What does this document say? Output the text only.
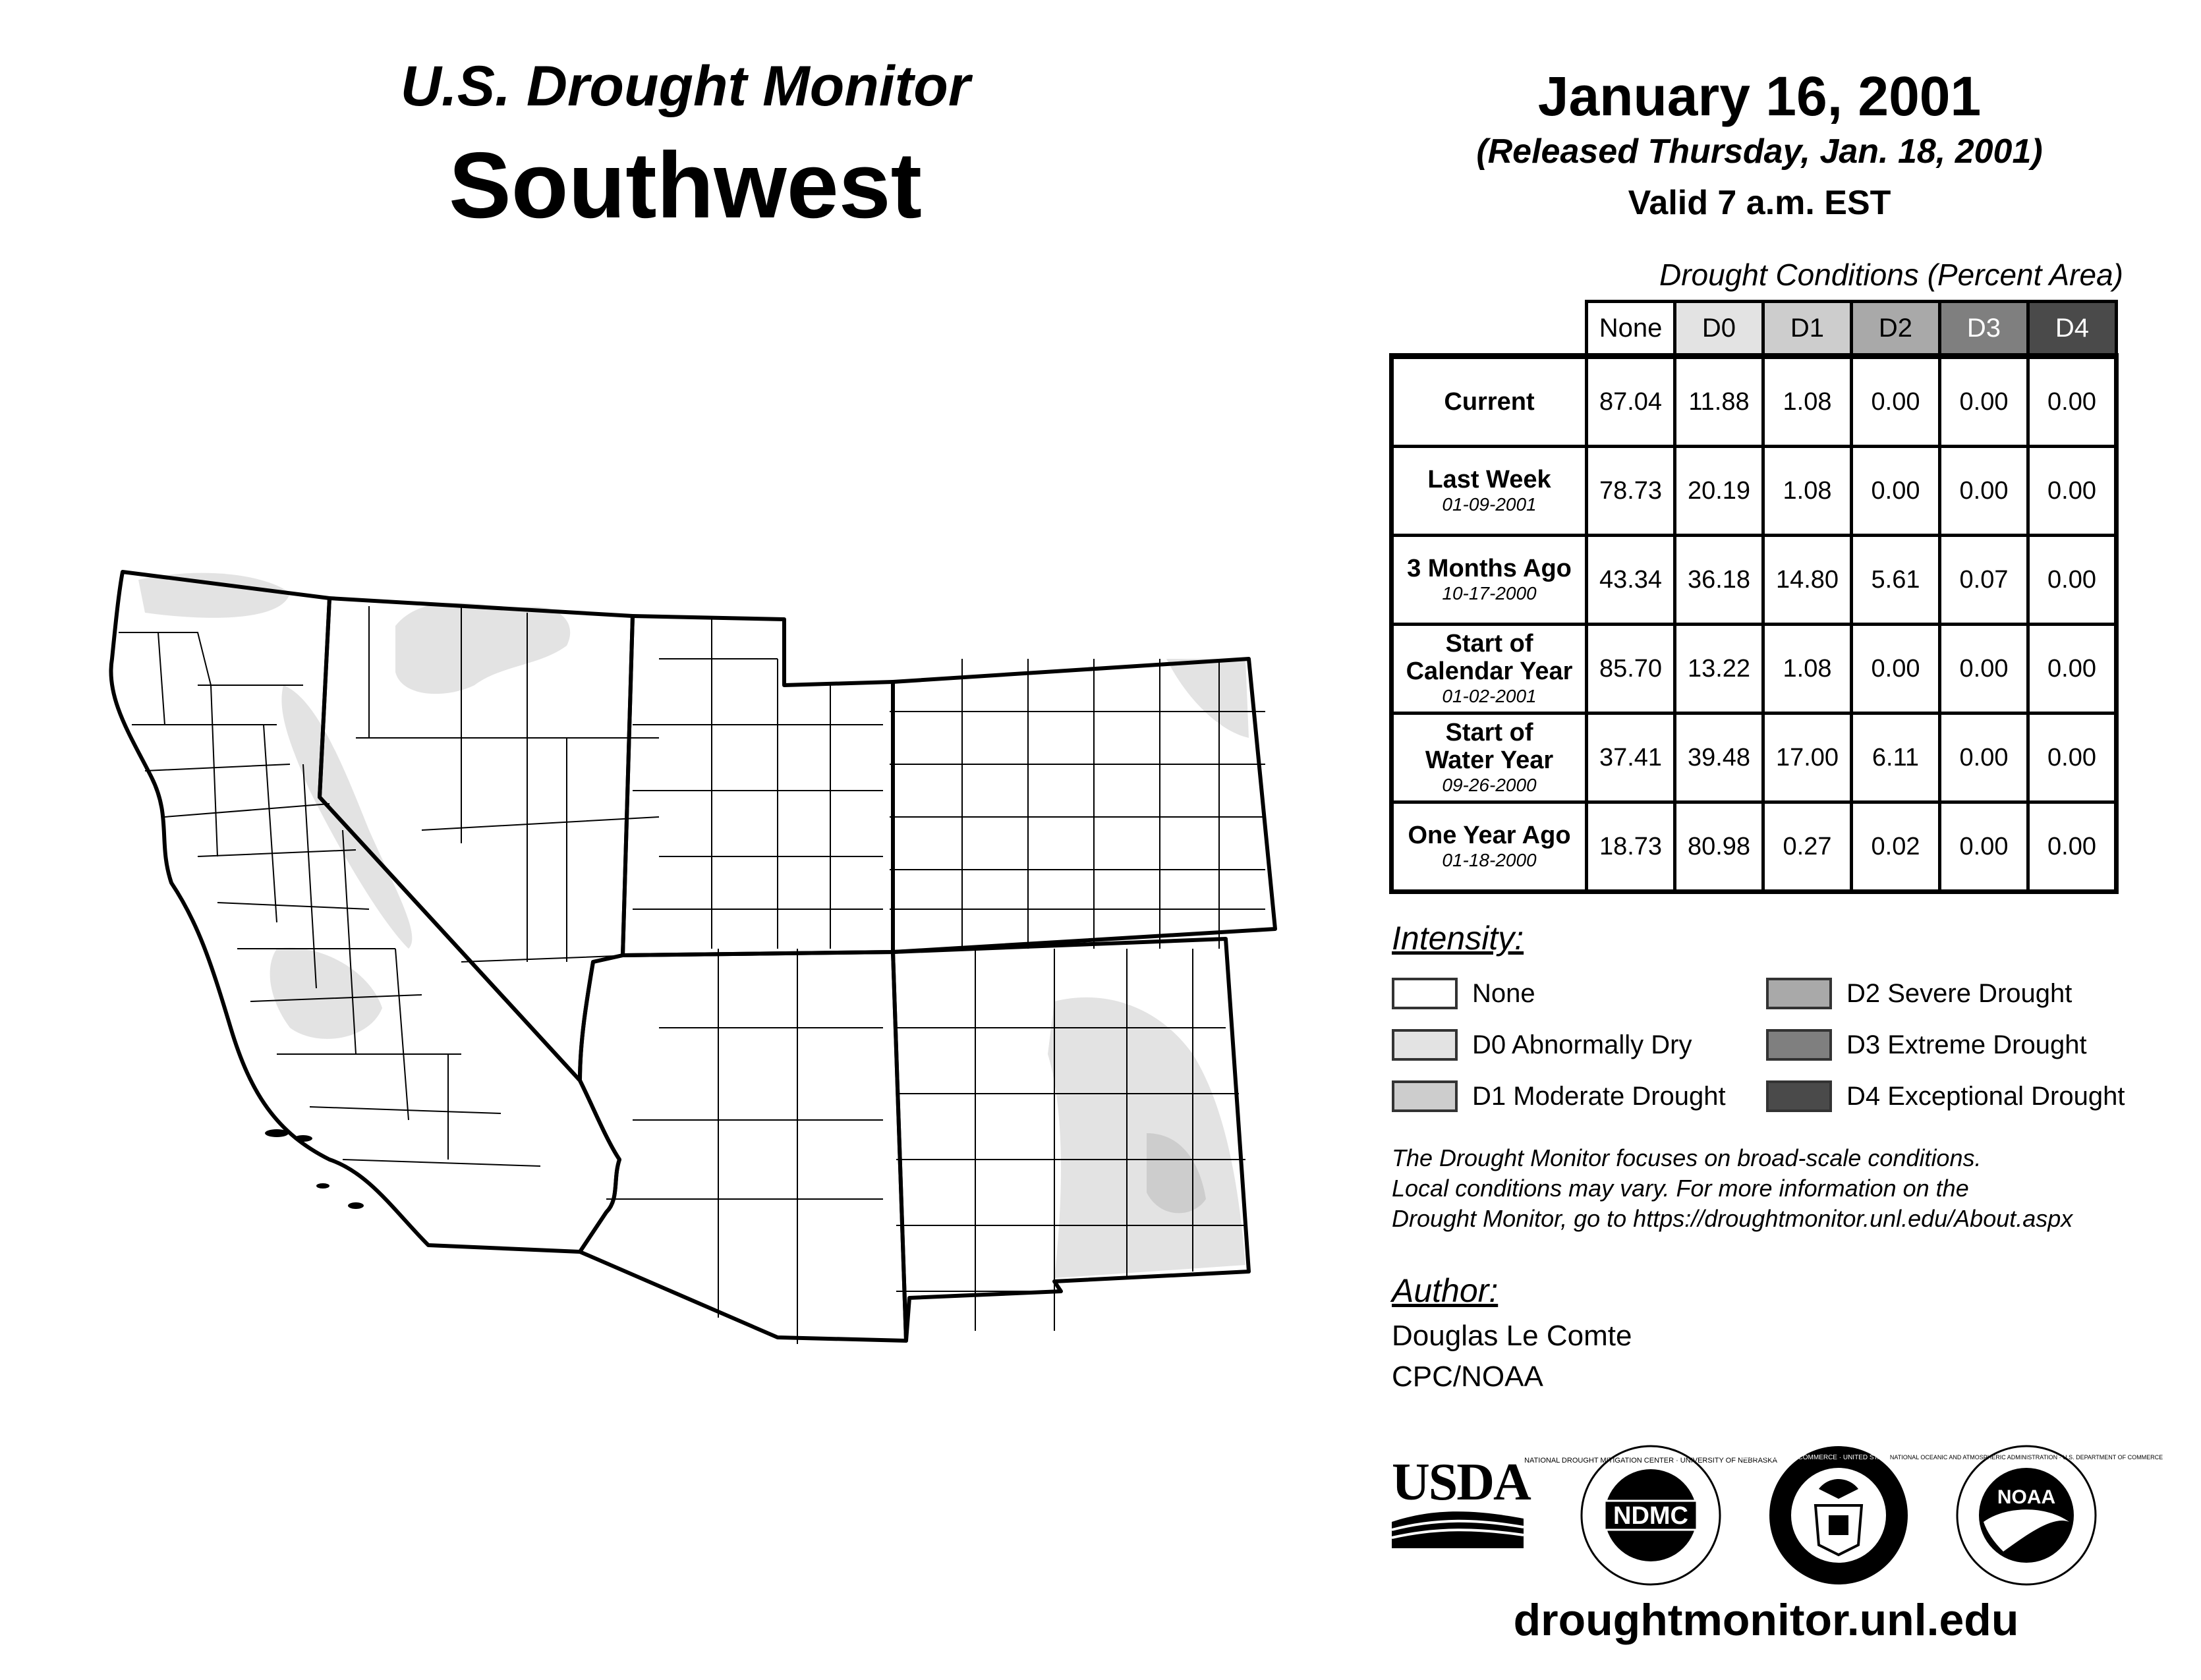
U.S. Drought Monitor
Southwest
January 16, 2001
(Released Thursday, Jan. 18, 2001)
Valid 7 a.m. EST
Drought Conditions (Percent Area)
	None	D0	D1	D2	D3	D4

Current	87.04	11.88	1.08	0.00	0.00	0.00

Last Week
01-09-2001	78.73	20.19	1.08	0.00	0.00	0.00

3 Months Ago
10-17-2000	43.34	36.18	14.80	5.61	0.07	0.00

Start of
Calendar Year
01-02-2001	85.70	13.22	1.08	0.00	0.00	0.00

Start of
Water Year
09-26-2000	37.41	39.48	17.00	6.11	0.00	0.00

One Year Ago
01-18-2000	18.73	80.98	0.27	0.02	0.00	0.00
Intensity:
None
D0 Abnormally Dry
D1 Moderate Drought
D2 Severe Drought
D3 Extreme Drought
D4 Exceptional Drought
The Drought Monitor focuses on broad-scale conditions.
Local conditions may vary. For more information on the
Drought Monitor, go to https://droughtmonitor.unl.edu/About.aspx
Author:
Douglas Le Comte
CPC/NOAA
USDA
NDMC
NATIONAL DROUGHT MITIGATION CENTER · UNIVERSITY OF NEBRASKA
DEPARTMENT OF COMMERCE · UNITED STATES OF AMERICA
NOAA
NATIONAL OCEANIC AND ATMOSPHERIC ADMINISTRATION · U.S. DEPARTMENT OF COMMERCE
droughtmonitor.unl.edu
